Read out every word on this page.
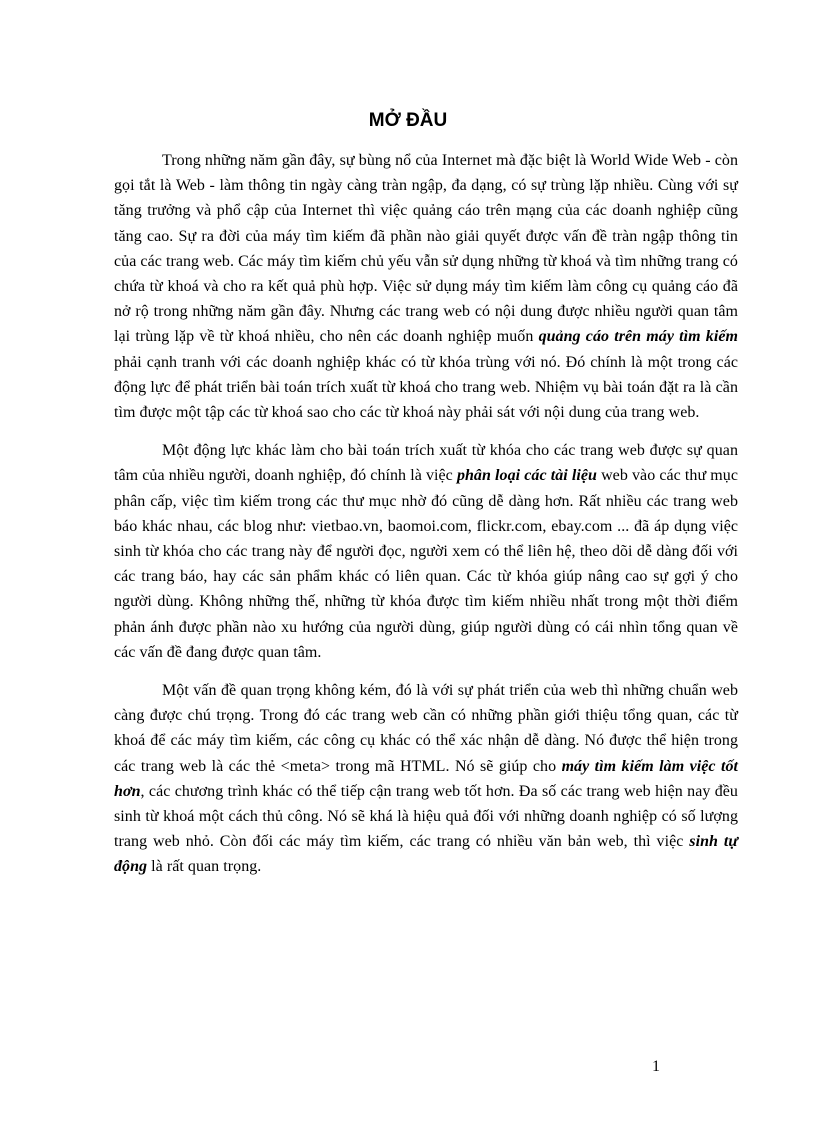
MỞ ĐẦU

Trong những năm gần đây, sự bùng nổ của Internet mà đặc biệt là World Wide Web - còn gọi tắt là Web - làm thông tin ngày càng tràn ngập, đa dạng, có sự trùng lặp nhiều. Cùng với sự tăng trưởng và phổ cập của Internet thì việc quảng cáo trên mạng của các doanh nghiệp cũng tăng cao. Sự ra đời của máy tìm kiếm đã phần nào giải quyết được vấn đề tràn ngập thông tin của các trang web. Các máy tìm kiếm chủ yếu vẫn sử dụng những từ khoá và tìm những trang có chứa từ khoá và cho ra kết quả phù hợp. Việc sử dụng máy tìm kiếm làm công cụ quảng cáo đã nở rộ trong những năm gần đây. Nhưng các trang web có nội dung được nhiều người quan tâm lại trùng lặp về từ khoá nhiều, cho nên các doanh nghiệp muốn quảng cáo trên máy tìm kiếm phải cạnh tranh với các doanh nghiệp khác có từ khóa trùng với nó. Đó chính là một trong các động lực để phát triển bài toán trích xuất từ khoá cho trang web. Nhiệm vụ bài toán đặt ra là cần tìm được một tập các từ khoá sao cho các từ khoá này phải sát với nội dung của trang web.

Một động lực khác làm cho bài toán trích xuất từ khóa cho các trang web được sự quan tâm của nhiều người, doanh nghiệp, đó chính là việc phân loại các tài liệu web vào các thư mục phân cấp, việc tìm kiếm trong các thư mục nhờ đó cũng dễ dàng hơn. Rất nhiều các trang web báo khác nhau, các blog như: vietbao.vn, baomoi.com, flickr.com, ebay.com ... đã áp dụng việc sinh từ khóa cho các trang này để người đọc, người xem có thể liên hệ, theo dõi dễ dàng đối với các trang báo, hay các sản phẩm khác có liên quan. Các từ khóa giúp nâng cao sự gợi ý cho người dùng. Không những thế, những từ khóa được tìm kiếm nhiều nhất trong một thời điểm phản ánh được phần nào xu hướng của người dùng, giúp người dùng có cái nhìn tổng quan về các vấn đề đang được quan tâm.

Một vấn đề quan trọng không kém, đó là với sự phát triển của web thì những chuẩn web càng được chú trọng. Trong đó các trang web cần có những phần giới thiệu tổng quan, các từ khoá để các máy tìm kiếm, các công cụ khác có thể xác nhận dễ dàng. Nó được thể hiện trong các trang web là các thẻ <meta> trong mã HTML. Nó sẽ giúp cho máy tìm kiếm làm việc tốt hơn, các chương trình khác có thể tiếp cận trang web tốt hơn. Đa số các trang web hiện nay đều sinh từ khoá một cách thủ công. Nó sẽ khá là hiệu quả đối với những doanh nghiệp có số lượng trang web nhỏ. Còn đối các máy tìm kiếm, các trang có nhiều văn bản web, thì việc sinh tự động là rất quan trọng.

1
